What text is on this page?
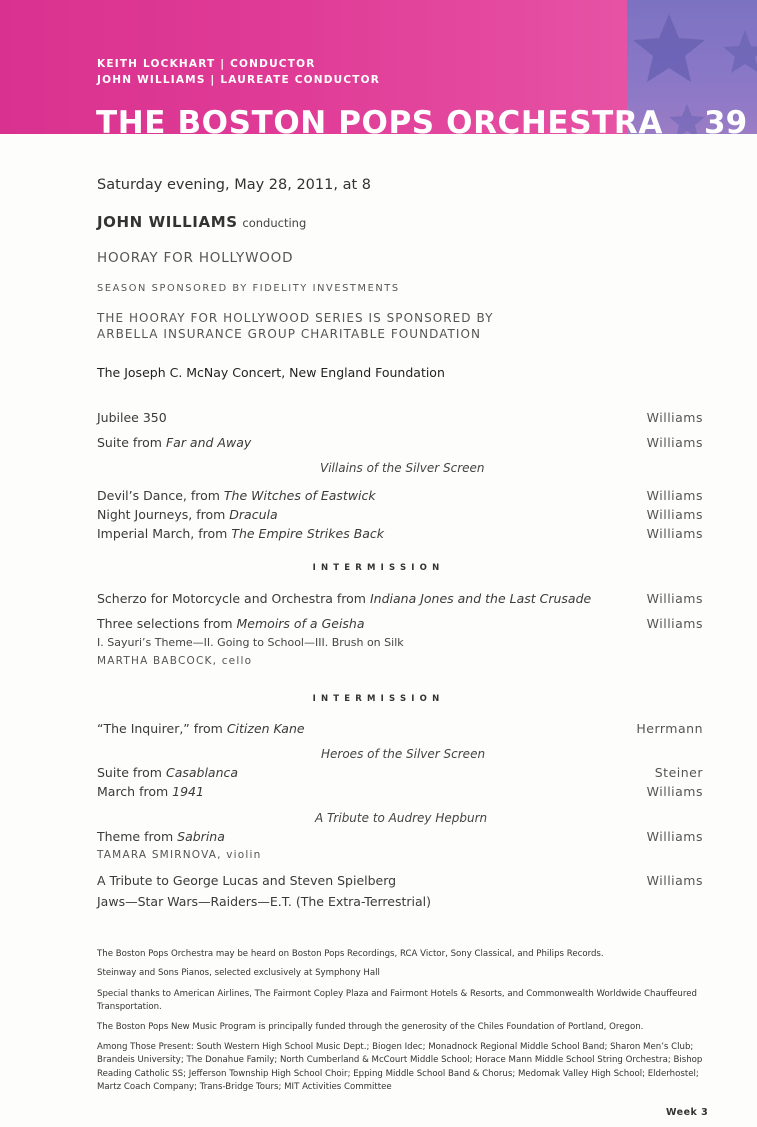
KEITH LOCKHART | CONDUCTOR
JOHN WILLIAMS | LAUREATE CONDUCTOR
THE BOSTON POPS ORCHESTRA 39
Saturday evening, May 28, 2011, at 8
JOHN WILLIAMS conducting
HOORAY FOR HOLLYWOOD
SEASON SPONSORED BY FIDELITY INVESTMENTS
THE HOORAY FOR HOLLYWOOD SERIES IS SPONSORED BY
ARBELLA INSURANCE GROUP CHARITABLE FOUNDATION
The Joseph C. McNay Concert, New England Foundation
Jubilee 350	Williams
Suite from Far and Away	Williams
Villains of the Silver Screen
Devil’s Dance, from The Witches of Eastwick	Williams
Night Journeys, from Dracula	Williams
Imperial March, from The Empire Strikes Back	Williams
INTERMISSION
Scherzo for Motorcycle and Orchestra from Indiana Jones and the Last Crusade	Williams
Three selections from Memoirs of a Geisha	Williams
I. Sayuri’s Theme—II. Going to School—III. Brush on Silk
MARTHA BABCOCK, cello
INTERMISSION
“The Inquirer,” from Citizen Kane	Herrmann
Heroes of the Silver Screen
Suite from Casablanca	Steiner
March from 1941	Williams
A Tribute to Audrey Hepburn
Theme from Sabrina	Williams
TAMARA SMIRNOVA, violin
A Tribute to George Lucas and Steven Spielberg	Williams
Jaws—Star Wars—Raiders—E.T. (The Extra-Terrestrial)
The Boston Pops Orchestra may be heard on Boston Pops Recordings, RCA Victor, Sony Classical, and Philips Records.
Steinway and Sons Pianos, selected exclusively at Symphony Hall
Special thanks to American Airlines, The Fairmont Copley Plaza and Fairmont Hotels & Resorts, and Commonwealth Worldwide Chauffeured Transportation.
The Boston Pops New Music Program is principally funded through the generosity of the Chiles Foundation of Portland, Oregon.
Among Those Present: South Western High School Music Dept.; Biogen Idec; Monadnock Regional Middle School Band; Sharon Men’s Club; Brandeis University; The Donahue Family; North Cumberland & McCourt Middle School; Horace Mann Middle School String Orchestra; Bishop Reading Catholic SS; Jefferson Township High School Choir; Epping Middle School Band & Chorus; Medomak Valley High School; Elderhostel; Martz Coach Company; Trans-Bridge Tours; MIT Activities Committee
Week 3
